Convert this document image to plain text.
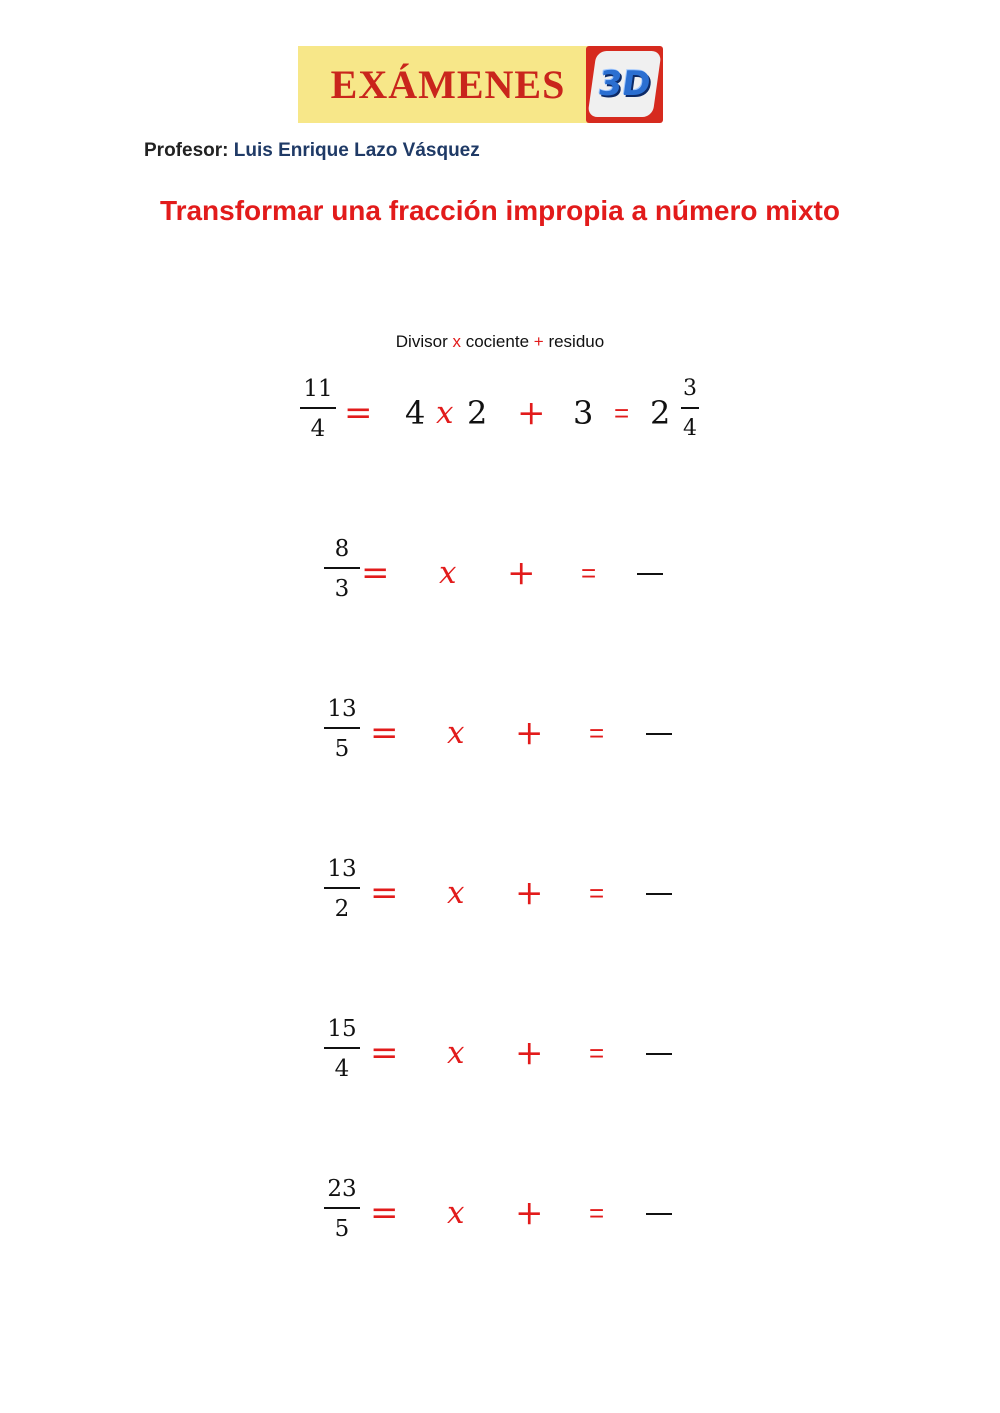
EXÁMENES 3D
Profesor: Luis Enrique Lazo Vásquez
Transformar una fracción impropia a número mixto
Divisor x cociente + residuo
11
4 = 4 x 2 + 3 = 2
3
4
8
3 = x + =
13
5 = x + =
13
2 = x + =
15
4 = x + =
23
5 = x + =
